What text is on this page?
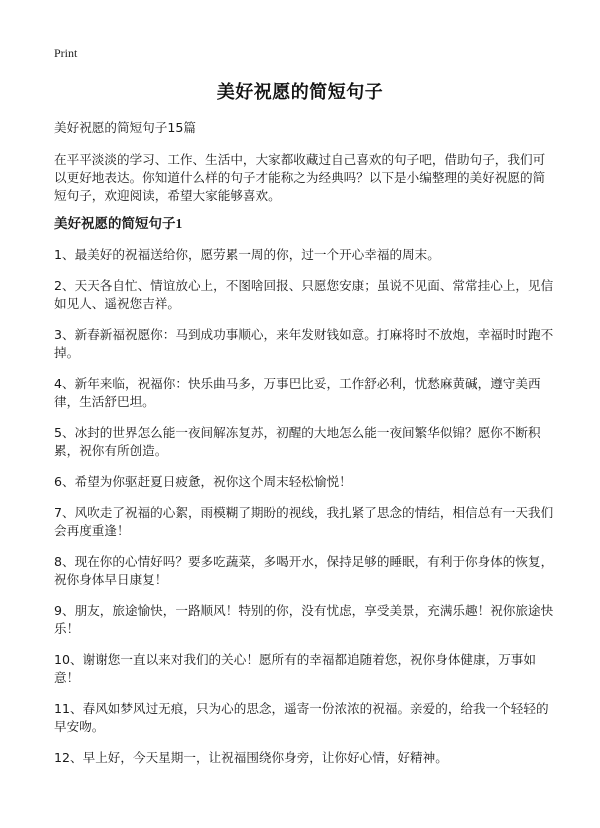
Print
美好祝愿的简短句子

美好祝愿的简短句子15篇

在平平淡淡的学习、工作、生活中，大家都收藏过自己喜欢的句子吧，借助句子，我们可以更好地表达。你知道什么样的句子才能称之为经典吗？以下是小编整理的美好祝愿的简短句子，欢迎阅读，希望大家能够喜欢。

美好祝愿的简短句子1

1、最美好的祝福送给你，愿劳累一周的你，过一个开心幸福的周末。

2、天天各自忙、情谊放心上，不图啥回报、只愿您安康；虽说不见面、常常挂心上，见信如见人、遥祝您吉祥。

3、新春新福祝愿你：马到成功事顺心，来年发财钱如意。打麻将时不放炮，幸福时时跑不掉。

4、新年来临，祝福你：快乐曲马多，万事巴比妥，工作舒必利，忧愁麻黄碱，遵守美西律，生活舒巴坦。

5、冰封的世界怎么能一夜间解冻复苏，初醒的大地怎么能一夜间繁华似锦？愿你不断积累，祝你有所创造。

6、希望为你驱赶夏日疲惫，祝你这个周末轻松愉悦！

7、风吹走了祝福的心絮，雨模糊了期盼的视线，我扎紧了思念的情结，相信总有一天我们会再度重逢！

8、现在你的心情好吗？要多吃蔬菜，多喝开水，保持足够的睡眠，有利于你身体的恢复，祝你身体早日康复！

9、朋友，旅途愉快，一路顺风！特别的你，没有忧虑，享受美景，充满乐趣！祝你旅途快乐！

10、谢谢您一直以来对我们的关心！愿所有的幸福都追随着您，祝你身体健康，万事如意！

11、春风如梦风过无痕，只为心的思念，遥寄一份浓浓的祝福。亲爱的，给我一个轻轻的早安吻。

12、早上好，今天星期一，让祝福围绕你身旁，让你好心情，好精神。
